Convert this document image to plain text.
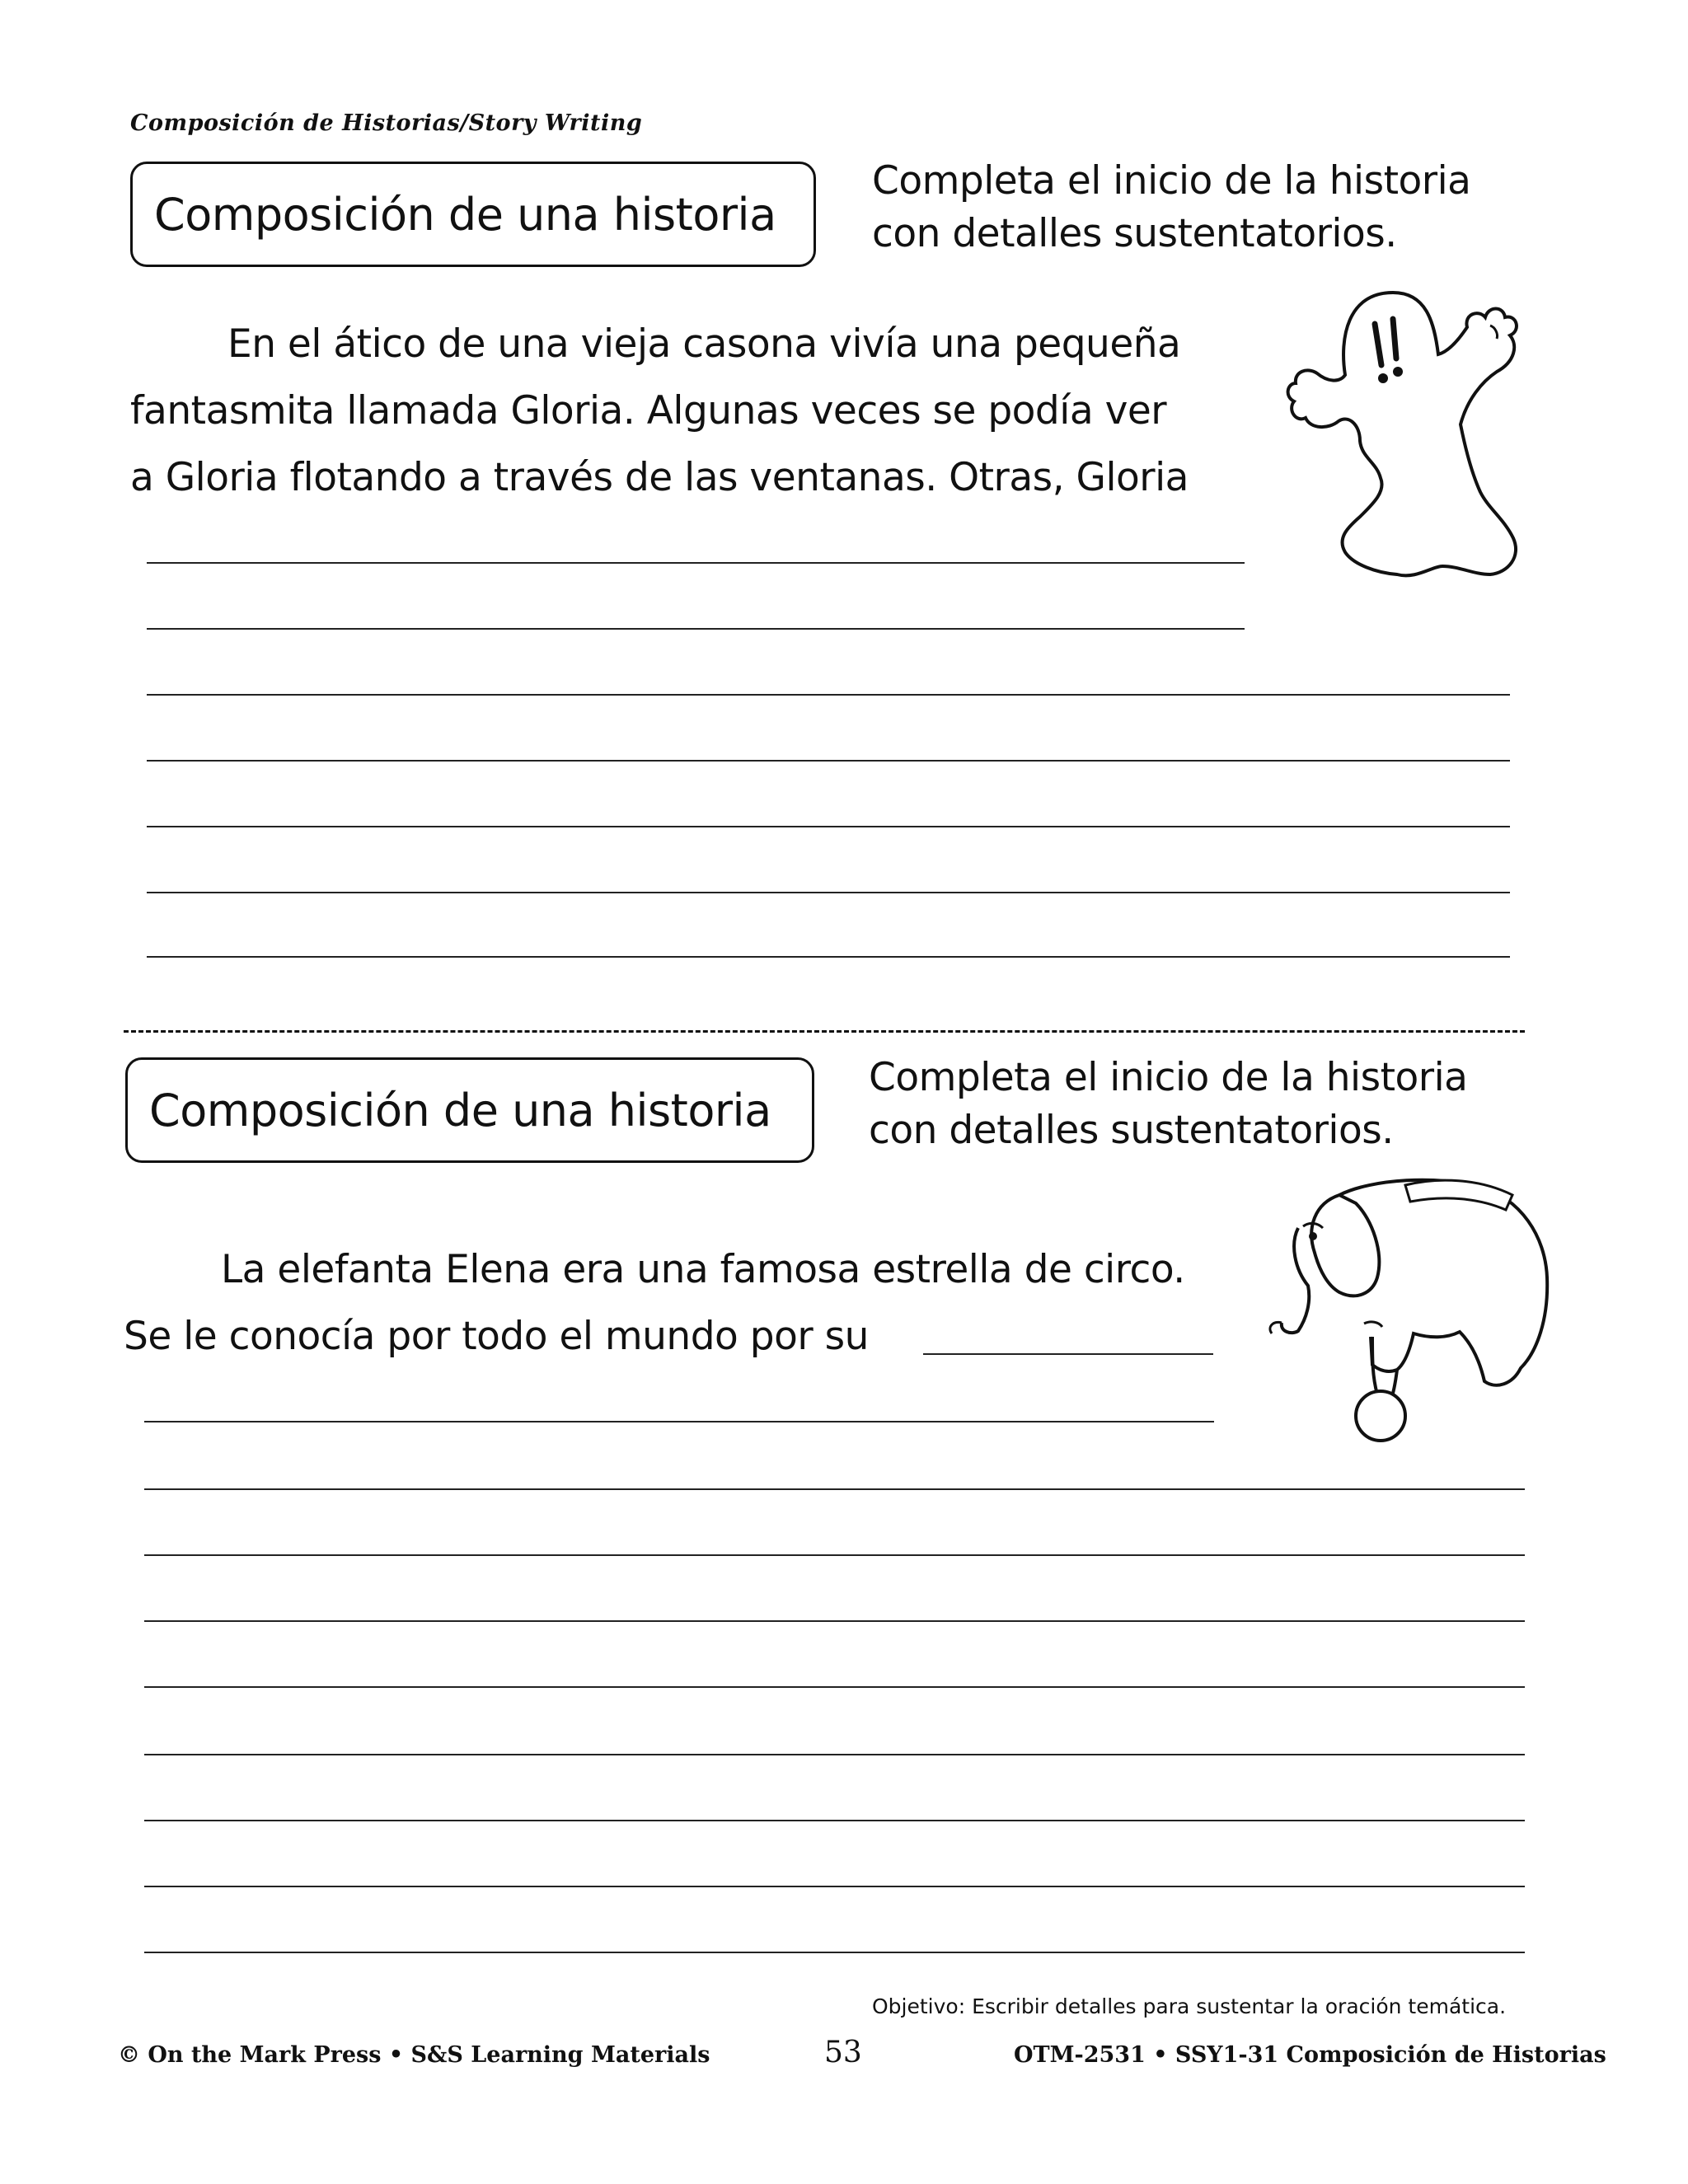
Composición de Historias/Story Writing
Composición de una historia
Completa el inicio de la historia
con detalles sustentatorios.
En el ático de una vieja casona vivía una pequeña
fantasmita llamada Gloria. Algunas veces se podía ver
a Gloria flotando a través de las ventanas. Otras, Gloria
Composición de una historia
Completa el inicio de la historia
con detalles sustentatorios.
La elefanta Elena era una famosa estrella de circo.
Se le conocía por todo el mundo por su
Objetivo: Escribir detalles para sustentar la oración temática.
© On the Mark Press • S&S Learning Materials	53	OTM-2531 • SSY1-31 Composición de Historias
